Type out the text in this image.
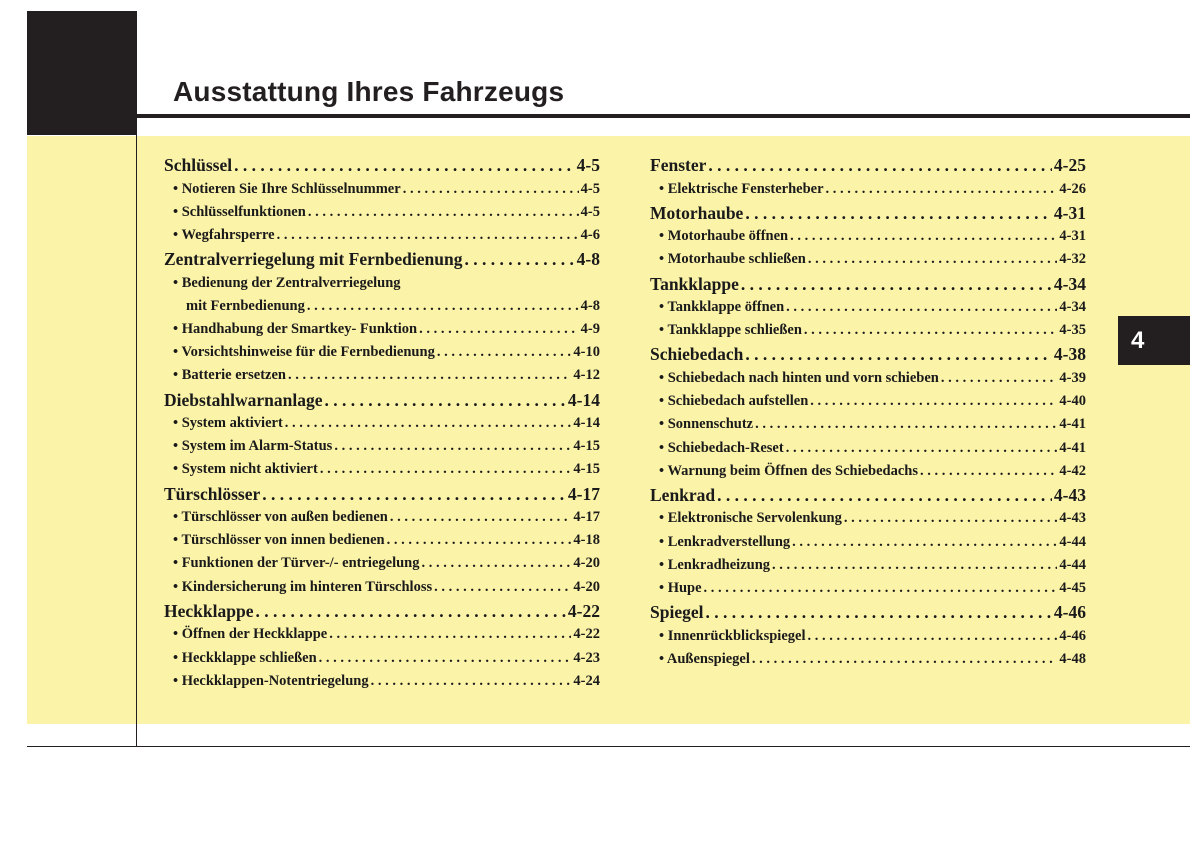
Ausstattung Ihres Fahrzeugs
4
Schlüssel . . .	4-5
• Notieren Sie Ihre Schlüsselnummer . . .	4-5
• Schlüsselfunktionen . . .	4-5
• Wegfahrsperre . . .	4-6
Zentralverriegelung mit Fernbedienung . . .	4-8
• Bedienung der Zentralverriegelung
mit Fernbedienung . . .	4-8
• Handhabung der Smartkey- Funktion . . .	4-9
• Vorsichtshinweise für die Fernbedienung . . .	4-10
• Batterie ersetzen . . .	4-12
Diebstahlwarnanlage . . .	4-14
• System aktiviert . . .	4-14
• System im Alarm-Status . . .	4-15
• System nicht aktiviert . . .	4-15
Türschlösser . . .	4-17
• Türschlösser von außen bedienen . . .	4-17
• Türschlösser von innen bedienen . . .	4-18
• Funktionen der Türver-/- entriegelung . . .	4-20
• Kindersicherung im hinteren Türschloss . . .	4-20
Heckklappe . . .	4-22
• Öffnen der Heckklappe . . .	4-22
• Heckklappe schließen . . .	4-23
• Heckklappen-Notentriegelung . . .	4-24
Fenster . . .	4-25
• Elektrische Fensterheber . . .	4-26
Motorhaube . . .	4-31
• Motorhaube öffnen . . .	4-31
• Motorhaube schließen . . .	4-32
Tankklappe . . .	4-34
• Tankklappe öffnen . . .	4-34
• Tankklappe schließen . . .	4-35
Schiebedach . . .	4-38
• Schiebedach nach hinten und vorn schieben . . .	4-39
• Schiebedach aufstellen . . .	4-40
• Sonnenschutz . . .	4-41
• Schiebedach-Reset . . .	4-41
• Warnung beim Öffnen des Schiebedachs . . .	4-42
Lenkrad . . .	4-43
• Elektronische Servolenkung . . .	4-43
• Lenkradverstellung . . .	4-44
• Lenkradheizung . . .	4-44
• Hupe . . .	4-45
Spiegel . . .	4-46
• Innenrückblickspiegel . . .	4-46
• Außenspiegel . . .	4-48
